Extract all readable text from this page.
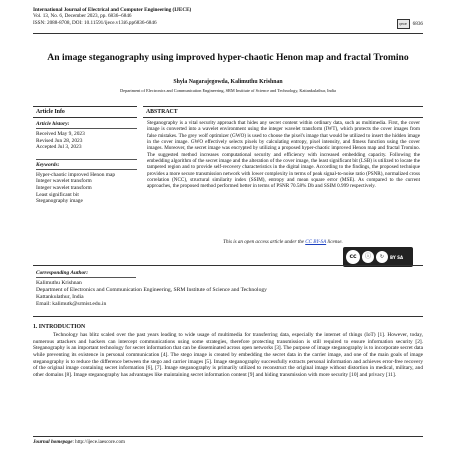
International Journal of Electrical and Computer Engineering (IJECE)
Vol. 13, No. 6, December 2023, pp. 6836~6846
ISSN: 2088-8708, DOI: 10.11591/ijece.v13i6.pp6836-6846	IJECE	6836
An image steganography using improved hyper-chaotic Henon map and fractal Tromino
Shyla Nagarajegowda, Kalimuthu Krishnan
Department of Electronics and Communication Engineering, SRM Institute of Science and Technology, Kattankulathur, India
Article Info
Article history:
Received May 9, 2023
Revised Jun 28, 2023
Accepted Jul 3, 2023
Keywords:
Hyper-chaotic improved Henon map
Integer wavelet transform
Integer wavelet transform
Least significant bit
Steganography image
ABSTRACT
Steganography is a vital security approach that hides any secret content within ordinary data, such as multimedia. First, the cover image is converted into a wavelet environment using the integer wavelet transform (IWT), which protects the cover images from false mistakes. The grey wolf optimizer (GWO) is used to choose the pixel's image that would be utilized to insert the hidden image in the cover image. GWO effectively selects pixels by calculating entropy, pixel intensity, and fitness function using the cover images. Moreover, the secret image was encrypted by utilizing a proposed hyper-chaotic improved Henon map and fractal Tromino. The suggested method increases computational security and efficiency with increased embedding capacity. Following the embedding algorithm of the secret image and the alteration of the cover image, the least significant bit (LSB) is utilized to locate the tampered region and to provide self-recovery characteristics in the digital image. According to the findings, the proposed technique provides a more secure transmission network with lower complexity in terms of peak signal-to-noise ratio (PSNR), normalized cross correlation (NCC), structural similarity index (SSIM), entropy and mean square error (MSE). As compared to the current approaches, the proposed method performed better in terms of PSNR 70.58% Db and SSIM 0.999 respectively.
This is an open access article under the CC BY-SA license.
cc	ⓘ	↻	BY SA
Corresponding Author:
Kalimuthu Krishnan
Department of Electronics and Communication Engineering, SRM Institute of Science and Technology
Kattankulathur, India
Email: kalimutk@srmist.edu.in
1. INTRODUCTION
Technology has blitz scaled over the past years leading to wide usage of multimedia for transferring data, especially the internet of things (IoT) [1]. However, today, numerous attackers and hackers can intercept communications using some strategies, therefore protecting transmission is still required to ensure information security [2]. Steganography is an important technology for secret information that can be disseminated across open networks [3]. The purpose of image steganography is to incorporate secret data while preventing its existence in personal communication [4]. The stego image is created by embedding the secret data in the carrier image, and one of the main goals of image steganography is to reduce the difference between the stego and carrier images [5]. Image steganography successfully extracts personal information and achieves error-free recovery of the original image containing secret information [6], [7]. Image steganography is primarily utilized to reconstruct the original image without distortion in medical, military, and other domains [8]. Image steganography has advantages like maintaining secret information content [9] and hiding transmission with more security [10] and privacy [11].
Journal homepage: http://ijece.iaescore.com
